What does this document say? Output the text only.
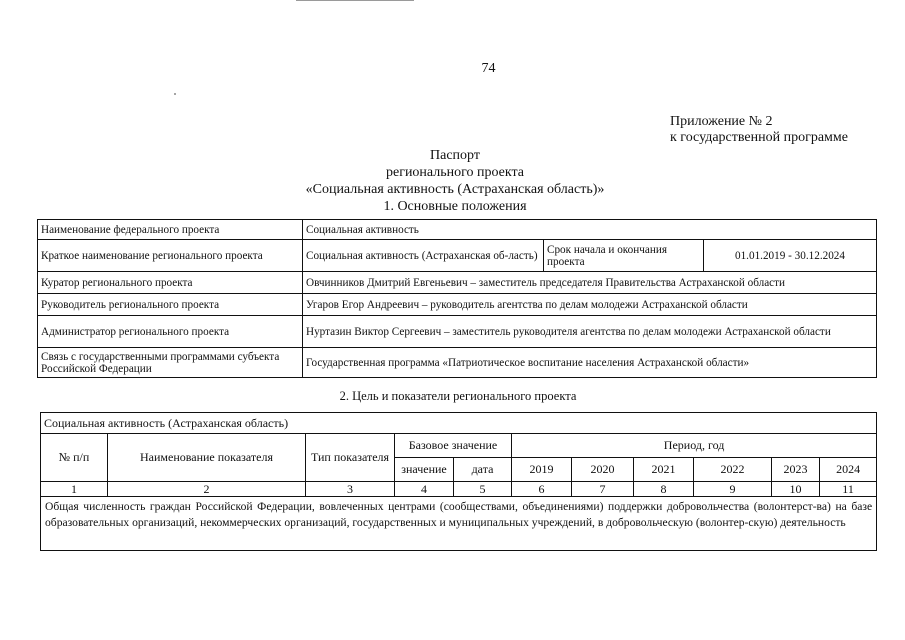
74
Приложение № 2
к государственной программе
Паспорт
регионального проекта
«Социальная активность (Астраханская область)»
1. Основные положения
Наименование федерального проекта	Социальная активность		
Краткое наименование регионального проекта	Социальная активность (Астраханская об-ласть)	Срок начала и окончания проекта	01.01.2019 - 30.12.2024
Куратор регионального проекта	Овчинников Дмитрий Евгеньевич – заместитель председателя Правительства Астраханской области		
Руководитель регионального проекта	Угаров Егор Андреевич – руководитель агентства по делам молодежи Астраханской области		
Администратор регионального проекта	Нуртазин Виктор Сергеевич – заместитель руководителя агентства по делам молодежи Астраханской области		
Связь с государственными программами субъекта Российской Федерации	Государственная программа «Патриотическое воспитание населения Астраханской области»		
2. Цель и показатели регионального проекта
Социальная активность (Астраханская область)										
№ п/п	Наименование показателя	Тип показателя	Базовое значение		Период, год					
			значение	дата	2019	2020	2021	2022	2023	2024
1	2	3	4	5	6	7	8	9	10	11
Общая численность граждан Российской Федерации, вовлеченных центрами (сообществами, объединениями) поддержки добровольчества (волонтерст-ва) на базе образовательных организаций, некоммерческих организаций, государственных и муниципальных учреждений, в добровольческую (волонтер-скую) деятельность										
